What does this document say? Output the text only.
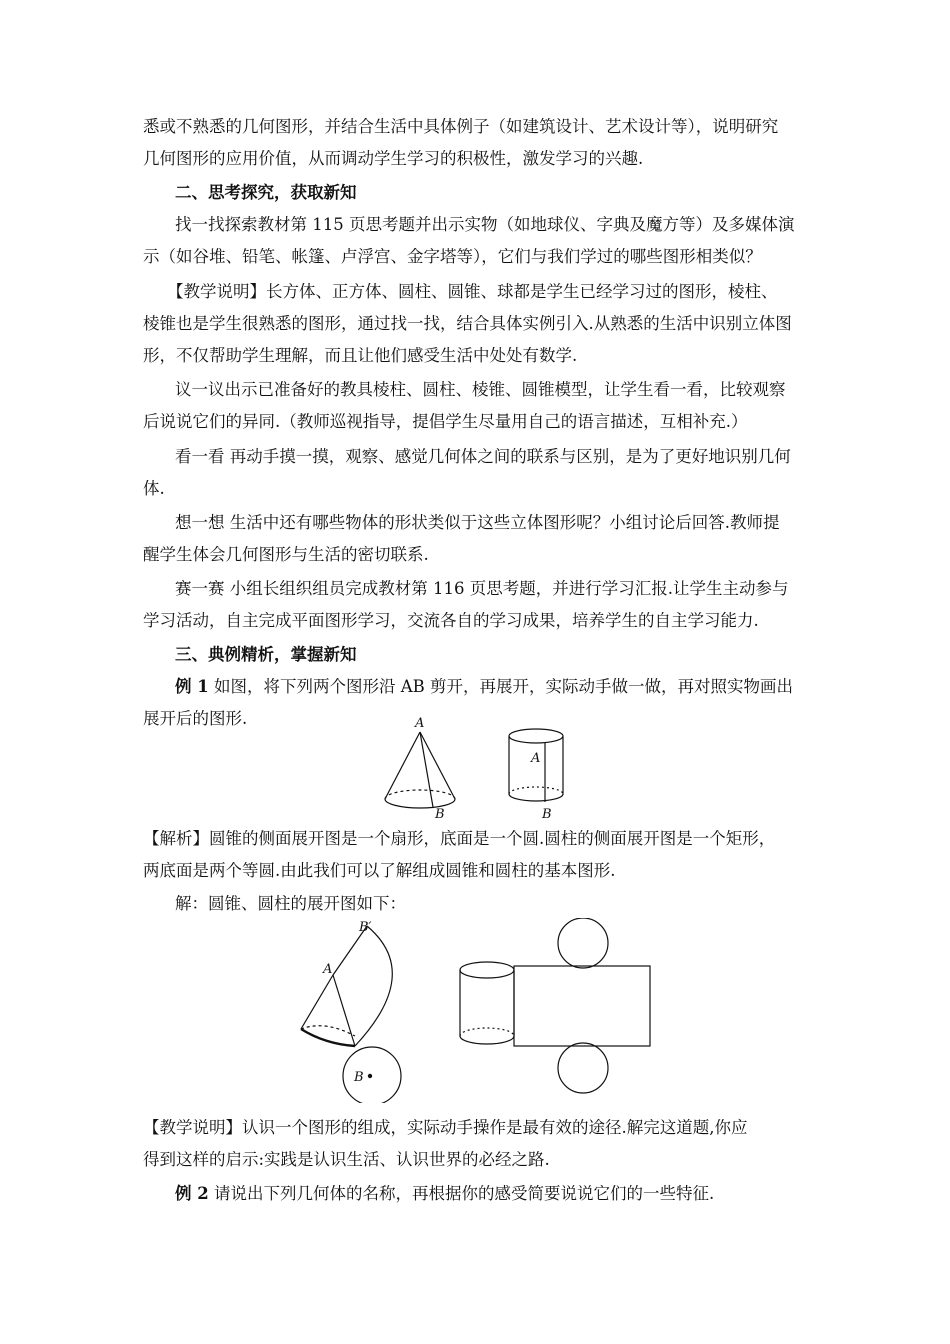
悉或不熟悉的几何图形，并结合生活中具体例子（如建筑设计、艺术设计等），说明研究
几何图形的应用价值，从而调动学生学习的积极性，激发学习的兴趣.
二、思考探究，获取新知
找一找探索教材第 115 页思考题并出示实物（如地球仪、字典及魔方等）及多媒体演
示（如谷堆、铅笔、帐篷、卢浮宫、金字塔等），它们与我们学过的哪些图形相类似？
【教学说明】长方体、正方体、圆柱、圆锥、球都是学生已经学习过的图形，棱柱、
棱锥也是学生很熟悉的图形，通过找一找，结合具体实例引入.从熟悉的生活中识别立体图
形，不仅帮助学生理解，而且让他们感受生活中处处有数学.
议一议出示已准备好的教具棱柱、圆柱、棱锥、圆锥模型，让学生看一看，比较观察
后说说它们的异同.（教师巡视指导，提倡学生尽量用自己的语言描述，互相补充.）
看一看 再动手摸一摸，观察、感觉几何体之间的联系与区别，是为了更好地识别几何
体.
想一想 生活中还有哪些物体的形状类似于这些立体图形呢？小组讨论后回答.教师提
醒学生体会几何图形与生活的密切联系.
赛一赛 小组长组织组员完成教材第 116 页思考题，并进行学习汇报.让学生主动参与
学习活动，自主完成平面图形学习，交流各自的学习成果，培养学生的自主学习能力.
三、典例精析，掌握新知
例 1 如图，将下列两个图形沿 AB 剪开，再展开，实际动手做一做，再对照实物画出
展开后的图形.	A
B
A
B
【解析】圆锥的侧面展开图是一个扇形，底面是一个圆.圆柱的侧面展开图是一个矩形，
两底面是两个等圆.由此我们可以了解组成圆锥和圆柱的基本图形.
解：圆锥、圆柱的展开图如下：
B′
A
B
【教学说明】认识一个图形的组成，实际动手操作是最有效的途径.解完这道题,你应
得到这样的启示:实践是认识生活、认识世界的必经之路.
例 2 请说出下列几何体的名称，再根据你的感受简要说说它们的一些特征.
